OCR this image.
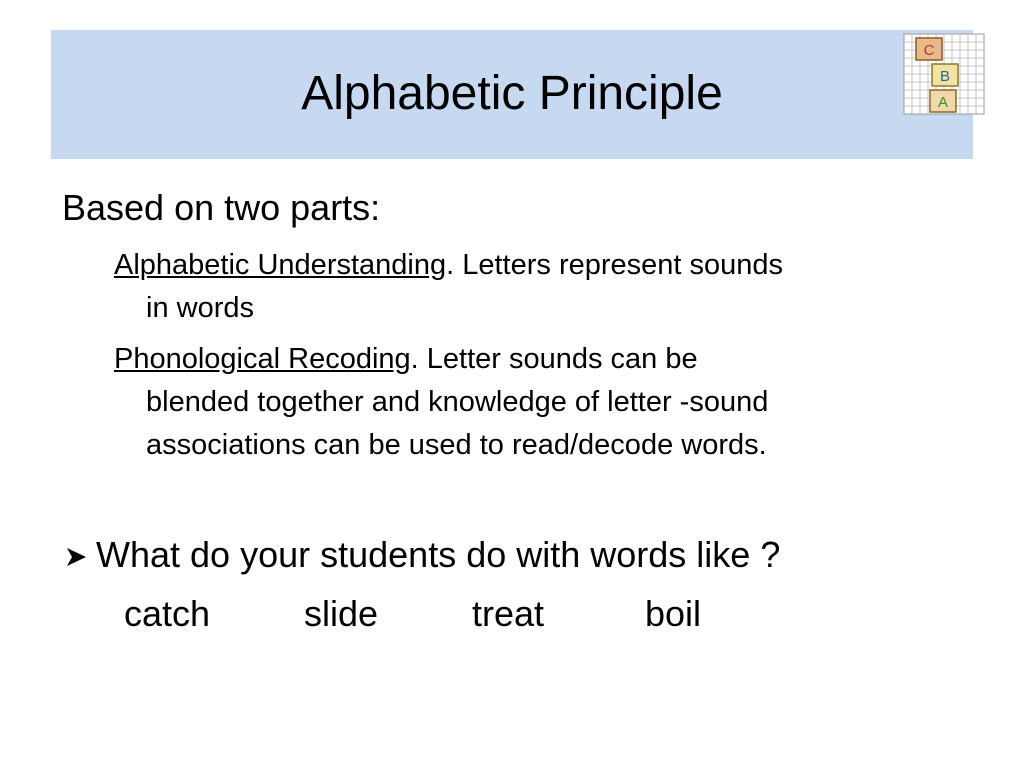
Alphabetic Principle
C
B
A
Based on two parts:
Alphabetic Understanding. Letters represent sounds
in words
Phonological Recoding. Letter sounds can be
blended together and knowledge of letter -sound
associations can be used to read/decode words.
What do your students do with words like ?
catch	slide	treat	boil
